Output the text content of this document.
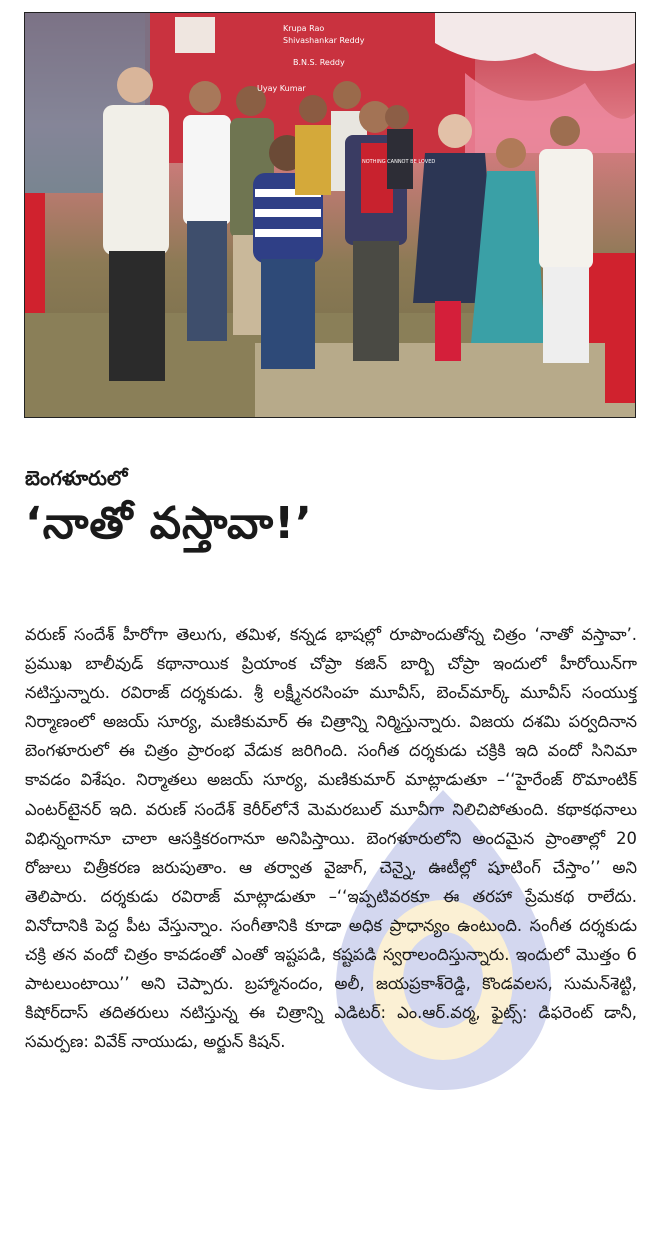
Krupa Rao
Shivashankar Reddy
B.N.S. Reddy
Uyay Kumar
NOTHING CANNOT BE LOVED
బెంగళూరులో
‘నాతో వస్తావా!’

వరుణ్ సందేశ్ హీరోగా తెలుగు, తమిళ, కన్నడ భాషల్లో రూపొందుతోన్న చిత్రం ‘నాతో వస్తావా’. ప్రముఖ బాలీవుడ్ కథానాయిక ప్రియాంక చోప్రా కజిన్ బార్బి చోప్రా ఇందులో హీరోయిన్‌గా నటిస్తున్నారు. రవిరాజ్ దర్శకుడు. శ్రీ లక్ష్మీనరసింహ మూవీస్, బెంచ్‌మార్క్ మూవీస్ సంయుక్త నిర్మాణంలో అజయ్ సూర్య, మణికుమార్ ఈ చిత్రాన్ని నిర్మిస్తున్నారు. విజయ దశమి పర్వదినాన బెంగళూరులో ఈ చిత్రం ప్రారంభ వేడుక జరిగింది. సంగీత దర్శకుడు చక్రికి ఇది వందో సినిమా కావడం విశేషం. నిర్మాతలు అజయ్ సూర్య, మణికుమార్ మాట్లాడుతూ –‘‘హైరేంజ్ రొమాంటిక్ ఎంటర్‌టైనర్ ఇది. వరుణ్ సందేశ్ కెరీర్‌లోనే మెమరబుల్ మూవీగా నిలిచిపోతుంది. కథాకథనాలు విభిన్నంగానూ చాలా ఆసక్తికరంగానూ అనిపిస్తాయి. బెంగళూరులోని అందమైన ప్రాంతాల్లో 20 రోజులు చిత్రీకరణ జరుపుతాం. ఆ తర్వాత వైజాగ్, చెన్నై, ఊటీల్లో షూటింగ్ చేస్తాం’’ అని తెలిపారు. దర్శకుడు రవిరాజ్ మాట్లాడుతూ –‘‘ఇప్పటివరకూ ఈ తరహా ప్రేమకథ రాలేదు. వినోదానికి పెద్ద పీట వేస్తున్నాం. సంగీతానికి కూడా అధిక ప్రాధాన్యం ఉంటుంది. సంగీత దర్శకుడు చక్రి తన వందో చిత్రం కావడంతో ఎంతో ఇష్టపడి, కష్టపడి స్వరాలందిస్తున్నారు. ఇందులో మొత్తం 6 పాటలుంటాయి’’ అని చెప్పారు. బ్రహ్మానందం, అలీ, జయప్రకాశ్‌రెడ్డి, కొండవలస, సుమన్‌శెట్టి, కిషోర్‌దాస్ తదితరులు నటిస్తున్న ఈ చిత్రాన్ని ఎడిటర్: ఎం.ఆర్.వర్మ, ఫైట్స్: డిఫరెంట్ డానీ, సమర్పణ: వివేక్ నాయుడు, అర్జున్ కిషన్.
